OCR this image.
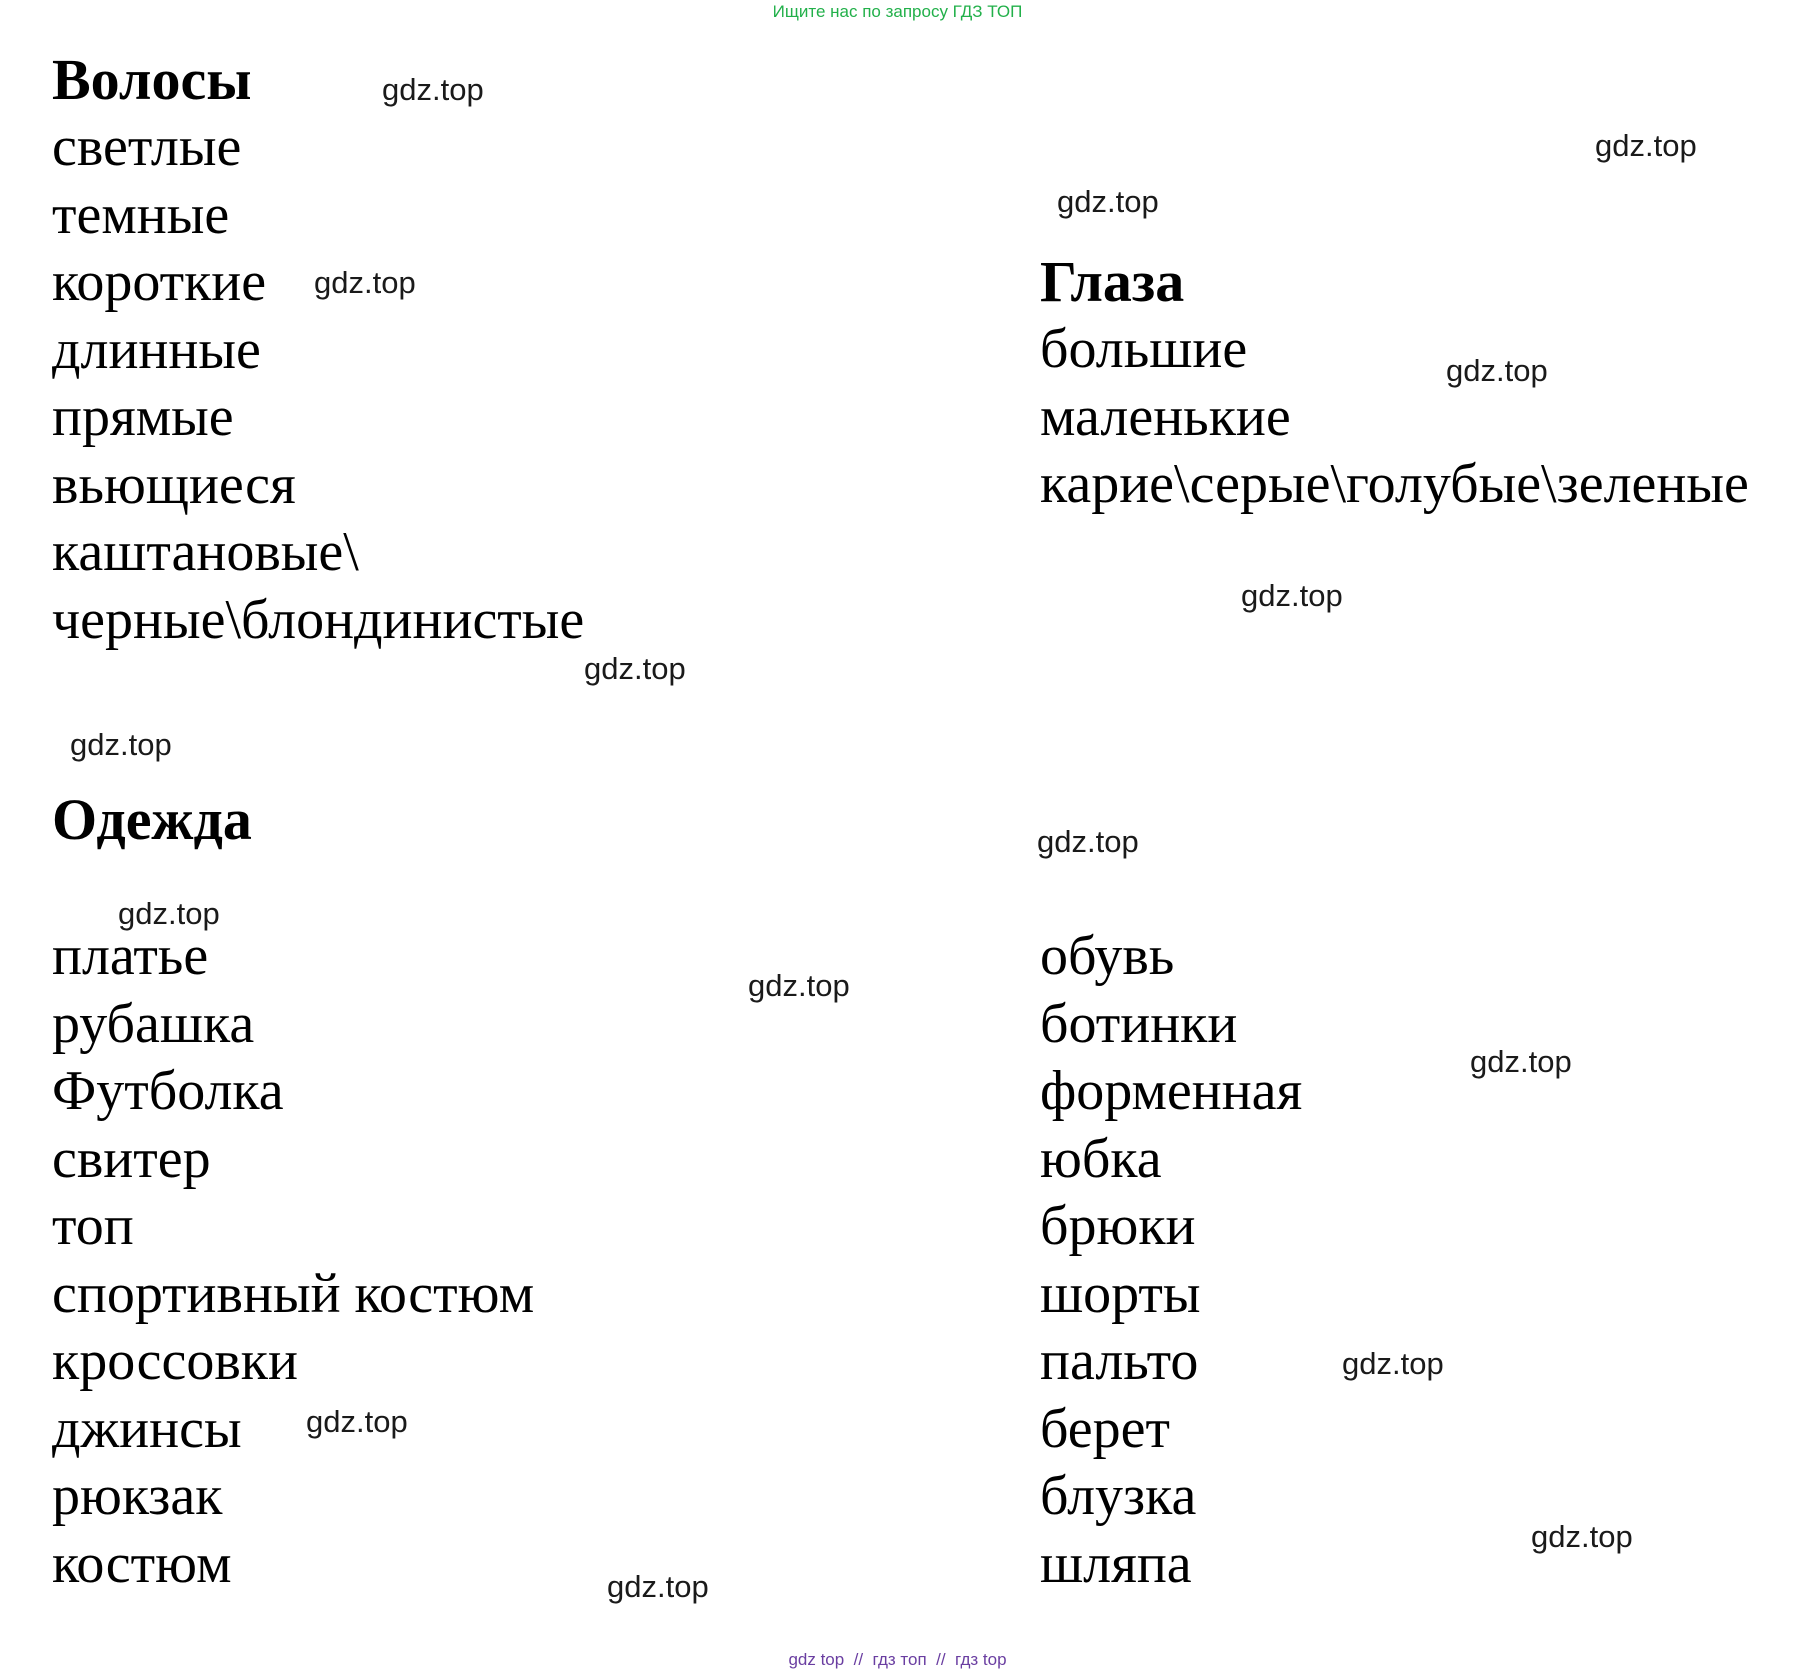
Ищите нас по запросу ГДЗ ТОП

Волосы

светлые

темные

короткие

длинные

прямые

вьющиеся

каштановые\

черные\блондинистые

Глаза

большие

маленькие

карие\серые\голубые\зеленые

Одежда

платье

рубашка

Футболка

свитер

топ

спортивный костюм

кроссовки

джинсы

рюкзак

костюм

обувь

ботинки

форменная

юбка

брюки

шорты

пальто

берет

блузка

шляпа

gdz.top
gdz.top
gdz.top
gdz.top
gdz.top
gdz.top
gdz.top
gdz.top
gdz.top
gdz.top
gdz.top
gdz.top
gdz.top
gdz.top
gdz.top
gdz.top
gdz top  //  гдз топ  //  гдз top
